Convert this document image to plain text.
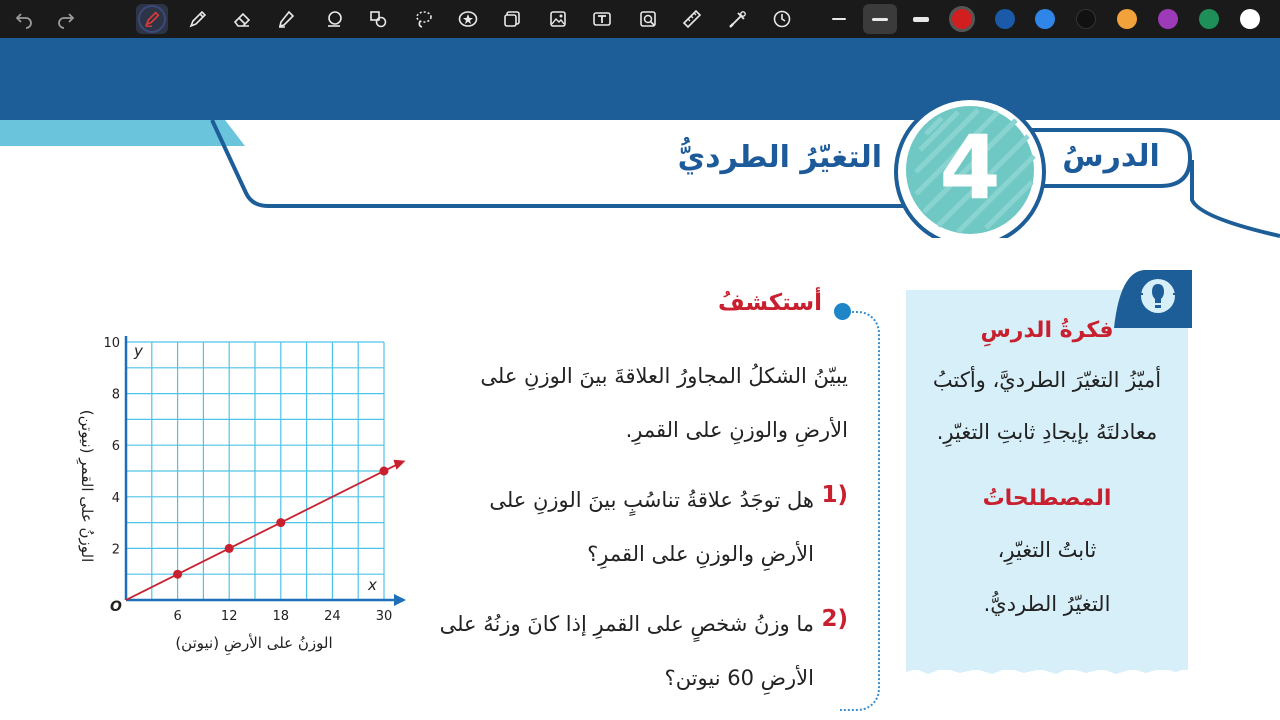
الدرسُ
4
التغيّرُ الطرديُّ
فكرةُ الدرسِ
أميّزُ التغيّرَ الطرديَّ، وأكتبُ
معادلتَهُ بإيجادِ ثابتِ التغيّرِ.
المصطلحاتُ
ثابتُ التغيّرِ،
التغيّرُ الطرديُّ.
أستكشفُ
يبيّنُ الشكلُ المجاورُ العلاقةَ بينَ الوزنِ على
الأرضِ والوزنِ على القمرِ.
1)
هل توجَدُ علاقةُ تناسُبٍ بينَ الوزنِ على
الأرضِ والوزنِ على القمرِ؟
2)
ما وزنُ شخصٍ على القمرِ إذا كانَ وزنُهُ على
الأرضِ 60 نيوتن؟
6	12	18	24	30
2
4
6
8
10
O
x
y
الوزنُ على الأرضِ (نيوتن)
الوزنُ على القمرِ (نيوتن)
